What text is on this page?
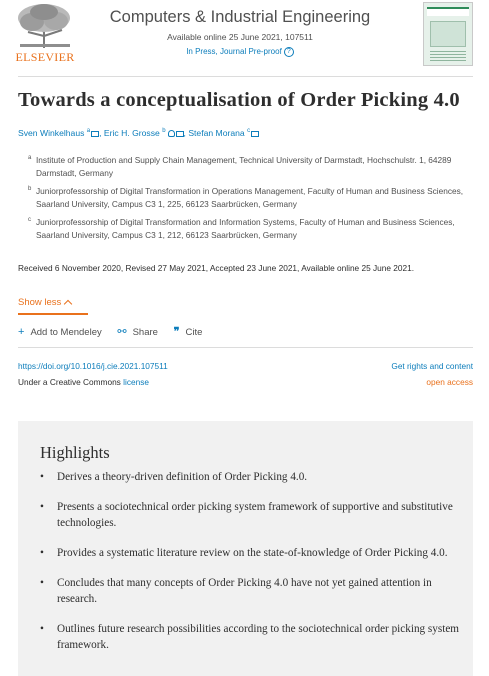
ELSEVIER
Computers & Industrial Engineering
Available online 25 June 2021, 107511
In Press, Journal Pre-proof ?
Towards a conceptualisation of Order Picking 4.0
Sven Winkelhaus $^a$ , Eric H. Grosse $^b$ , Stefan Morana $^c$
a Institute of Production and Supply Chain Management, Technical University of Darmstadt, Hochschulstr. 1, 64289 Darmstadt, Germany
b Juniorprofessorship of Digital Transformation in Operations Management, Faculty of Human and Business Sciences, Saarland University, Campus C3 1, 225, 66123 Saarbrücken, Germany
c Juniorprofessorship of Digital Transformation and Information Systems, Faculty of Human and Business Sciences, Saarland University, Campus C3 1, 212, 66123 Saarbrücken, Germany
Received 6 November 2020, Revised 27 May 2021, Accepted 23 June 2021, Available online 25 June 2021.
Show less
+ Add to Mendeley ⚯ Share ❞ Cite
https://doi.org/10.1016/j.cie.2021.107511	Get rights and content
Under a Creative Commons license	open access
Highlights
• Derives a theory-driven definition of Order Picking 4.0.
• Presents a sociotechnical order picking system framework of supportive and substitutive technologies.
• Provides a systematic literature review on the state-of-knowledge of Order Picking 4.0.
• Concludes that many concepts of Order Picking 4.0 have not yet gained attention in research.
• Outlines future research possibilities according to the sociotechnical order picking system framework.
